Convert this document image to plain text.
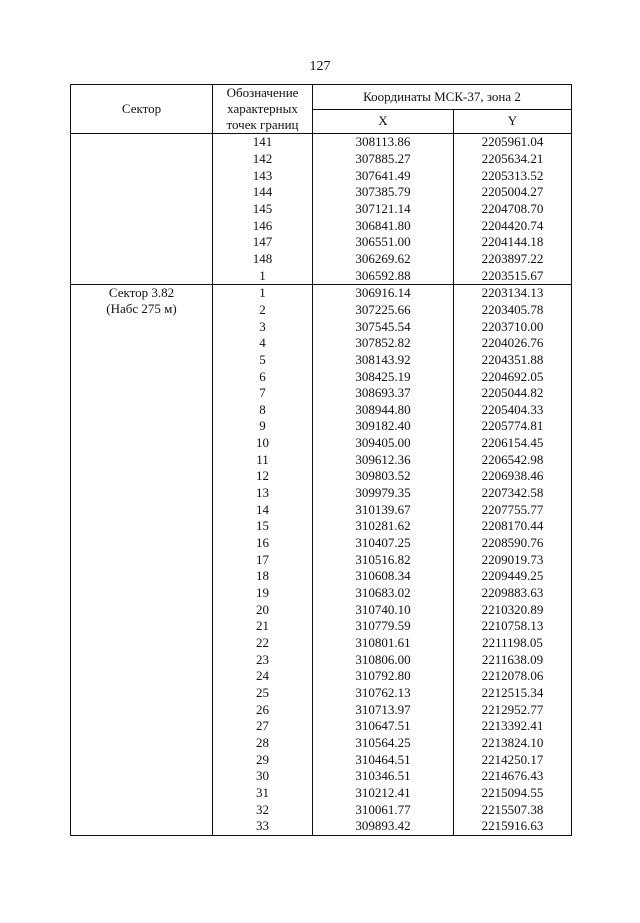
127
Сектор	Обозначение
характерных
точек границ	Координаты МСК-37, зона 2	
		X	Y
	141	308113.86	2205961.04
	142	307885.27	2205634.21
	143	307641.49	2205313.52
	144	307385.79	2205004.27
	145	307121.14	2204708.70
	146	306841.80	2204420.74
	147	306551.00	2204144.18
	148	306269.62	2203897.22
	1	306592.88	2203515.67

Сектор 3.82
(Набс 275 м)	1	306916.14	2203134.13
	2	307225.66	2203405.78
	3	307545.54	2203710.00
	4	307852.82	2204026.76
	5	308143.92	2204351.88
	6	308425.19	2204692.05
	7	308693.37	2205044.82
	8	308944.80	2205404.33
	9	309182.40	2205774.81
	10	309405.00	2206154.45
	11	309612.36	2206542.98
	12	309803.52	2206938.46
	13	309979.35	2207342.58
	14	310139.67	2207755.77
	15	310281.62	2208170.44
	16	310407.25	2208590.76
	17	310516.82	2209019.73
	18	310608.34	2209449.25
	19	310683.02	2209883.63
	20	310740.10	2210320.89
	21	310779.59	2210758.13
	22	310801.61	2211198.05
	23	310806.00	2211638.09
	24	310792.80	2212078.06
	25	310762.13	2212515.34
	26	310713.97	2212952.77
	27	310647.51	2213392.41
	28	310564.25	2213824.10
	29	310464.51	2214250.17
	30	310346.51	2214676.43
	31	310212.41	2215094.55
	32	310061.77	2215507.38
	33	309893.42	2215916.63
